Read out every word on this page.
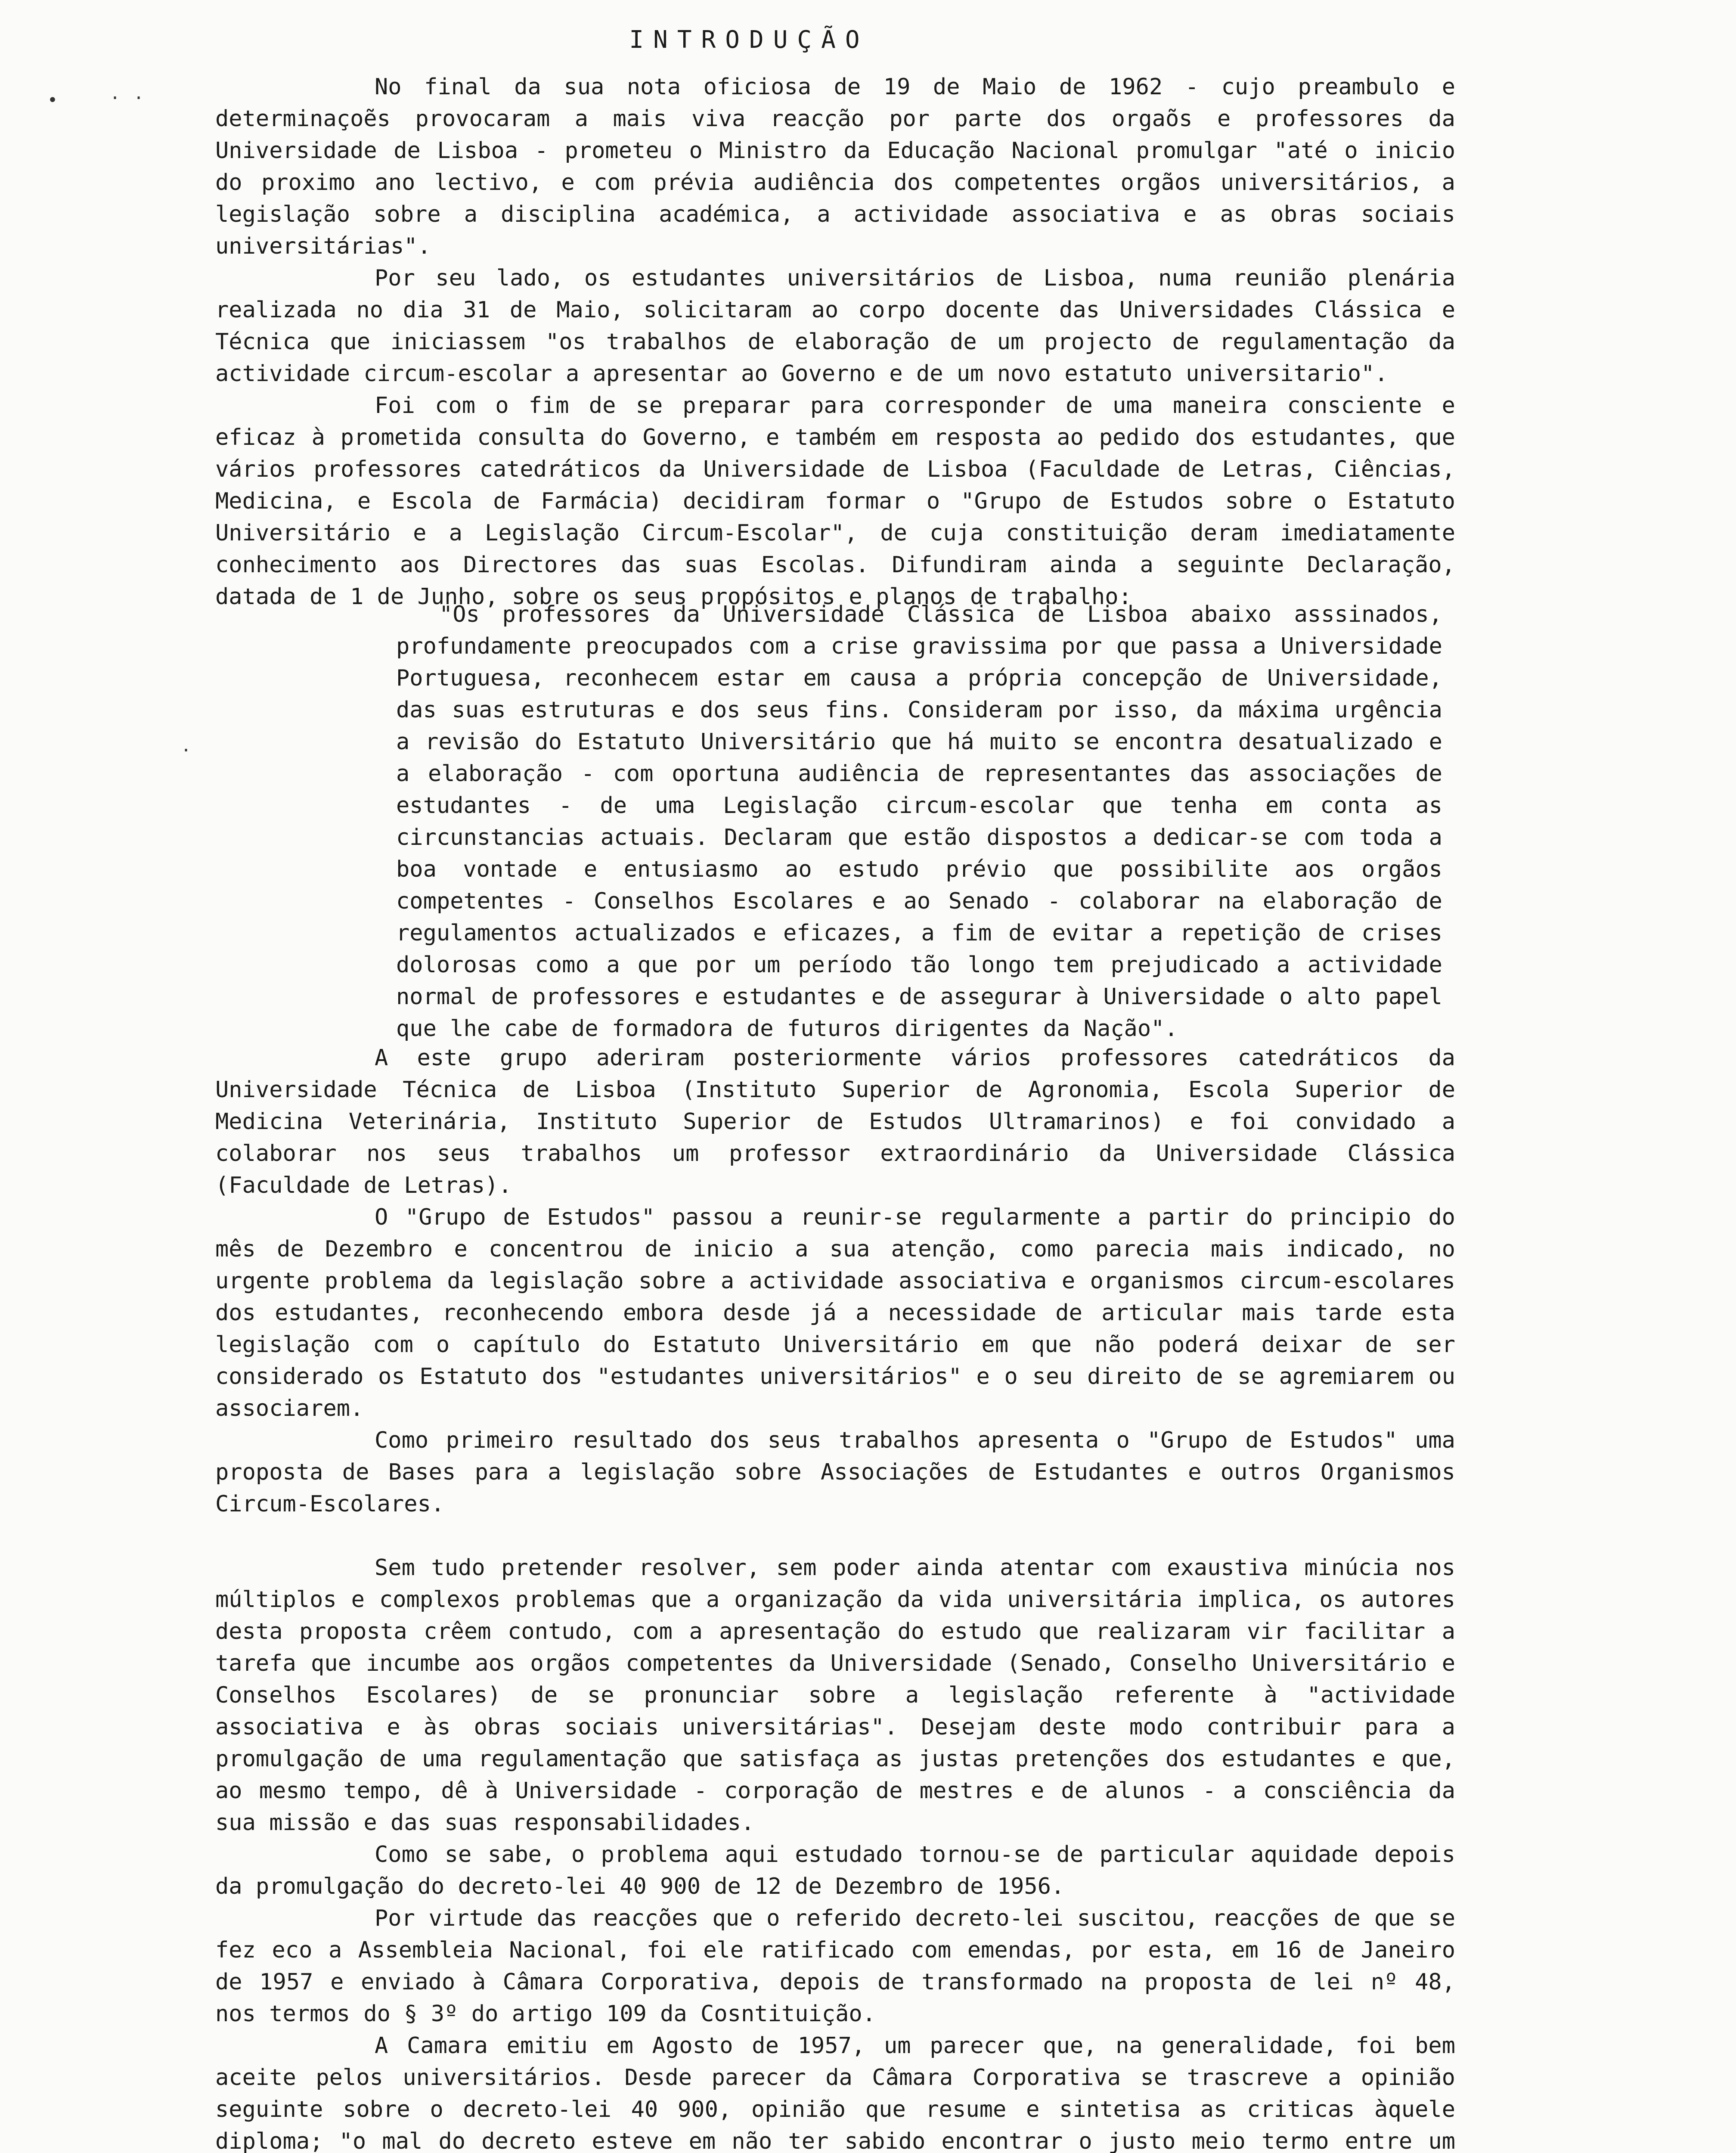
INTRODUÇÃO
•	· ·
·

No final da sua nota oficiosa de 19 de Maio de 1962 - cujo preambulo e determinaçoẽs provocaram a mais viva reacção por parte dos orgaõs e professores da Universidade de Lisboa - prometeu o Ministro da Educação Nacional promulgar "até o inicio do proximo ano lectivo, e com prévia audiência dos competentes orgãos universitários, a legislação sobre a disciplina académica, a actividade associativa e as obras sociais universitárias".

Por seu lado, os estudantes universitários de Lisboa, numa reunião plenária realizada no dia 31 de Maio, solicitaram ao corpo docente das Universidades Clássica e Técnica que iniciassem "os trabalhos de elaboração de um projecto de regulamentação da actividade circum-escolar a apresentar ao Governo e de um novo estatuto universitario".

Foi com o fim de se preparar para corresponder de uma maneira consciente e eficaz à prometida consulta do Governo, e também em resposta ao pedido dos estudantes, que vários professores catedráticos da Universidade de Lisboa (Faculdade de Letras, Ciências, Medicina, e Escola de Farmácia) decidiram formar o "Grupo de Estudos sobre o Estatuto Universitário e a Legislação Circum-Escolar", de cuja constituição deram imediatamente conhecimento aos Directores das suas Escolas. Difundiram ainda a seguinte Declaração, datada de 1 de Junho, sobre os seus propósitos e planos de trabalho:

"Os professores da Universidade Clássica de Lisboa abaixo asssinados, profundamente preocupados com a crise gravissima por que passa a Universidade Portuguesa, reconhecem estar em causa a própria concepção de Universidade, das suas estruturas e dos seus fins. Consideram por isso, da máxima urgência a revisão do Estatuto Universitário que há muito se encontra desatualizado e a elaboração - com oportuna audiência de representantes das associações de estudantes - de uma Legislação circum-escolar que tenha em conta as circunstancias actuais. Declaram que estão dispostos a dedicar-se com toda a boa vontade e entusiasmo ao estudo prévio que possibilite aos orgãos competentes - Conselhos Escolares e ao Senado - colaborar na elaboração de regulamentos actualizados e eficazes, a fim de evitar a repetição de crises dolorosas como a que por um período tão longo tem prejudicado a actividade normal de professores e estudantes e de assegurar à Universidade o alto papel que lhe cabe de formadora de futuros dirigentes da Nação".

A este grupo aderiram posteriormente vários professores catedráticos da Universidade Técnica de Lisboa (Instituto Superior de Agronomia, Escola Superior de Medicina Veterinária, Instituto Superior de Estudos Ultramarinos) e foi convidado a colaborar nos seus trabalhos um professor extraordinário da Universidade Clássica (Faculdade de Letras).

O "Grupo de Estudos" passou a reunir-se regularmente a partir do principio do mês de Dezembro e concentrou de inicio a sua atenção, como parecia mais indicado, no urgente problema da legislação sobre a actividade associativa e organismos circum-escolares dos estudantes, reconhecendo embora desde já a necessidade de articular mais tarde esta legislação com o capítulo do Estatuto Universitário em que não poderá deixar de ser considerado os Estatuto dos "estudantes universitários" e o seu direito de se agremiarem ou associarem.

Como primeiro resultado dos seus trabalhos apresenta o "Grupo de Estudos" uma proposta de Bases para a legislação sobre Associações de Estudantes e outros Organismos Circum-Escolares.

Sem tudo pretender resolver, sem poder ainda atentar com exaustiva minúcia nos múltiplos e complexos problemas que a organização da vida universitária implica, os autores desta proposta crêem contudo, com a apresentação do estudo que realizaram vir facilitar a tarefa que incumbe aos orgãos competentes da Universidade (Senado, Conselho Universitário e Conselhos Escolares) de se pronunciar sobre a legislação referente à "actividade associativa e às obras sociais universitárias". Desejam deste modo contribuir para a promulgação de uma regulamentação que satisfaça as justas pretenções dos estudantes e que, ao mesmo tempo, dê à Universidade - corporação de mestres e de alunos - a consciência da sua missão e das suas responsabilidades.

Como se sabe, o problema aqui estudado tornou-se de particular aquidade depois da promulgação do decreto-lei 40 900 de 12 de Dezembro de 1956.

Por virtude das reacções que o referido decreto-lei suscitou, reacções de que se fez eco a Assembleia Nacional, foi ele ratificado com emendas, por esta, em 16 de Janeiro de 1957 e enviado à Câmara Corporativa, depois de transformado na proposta de lei nº 48, nos termos do § 3º do artigo 109 da Cosntituição.

A Camara emitiu em Agosto de 1957, um parecer que, na generalidade, foi bem aceite pelos universitários. Desde parecer da Câmara Corporativa se trascreve a opinião seguinte sobre o decreto-lei 40 900, opinião que resume e sintetisa as criticas àquele diploma; "o mal do decreto esteve em não ter sabido encontrar o justo meio termo entre um
